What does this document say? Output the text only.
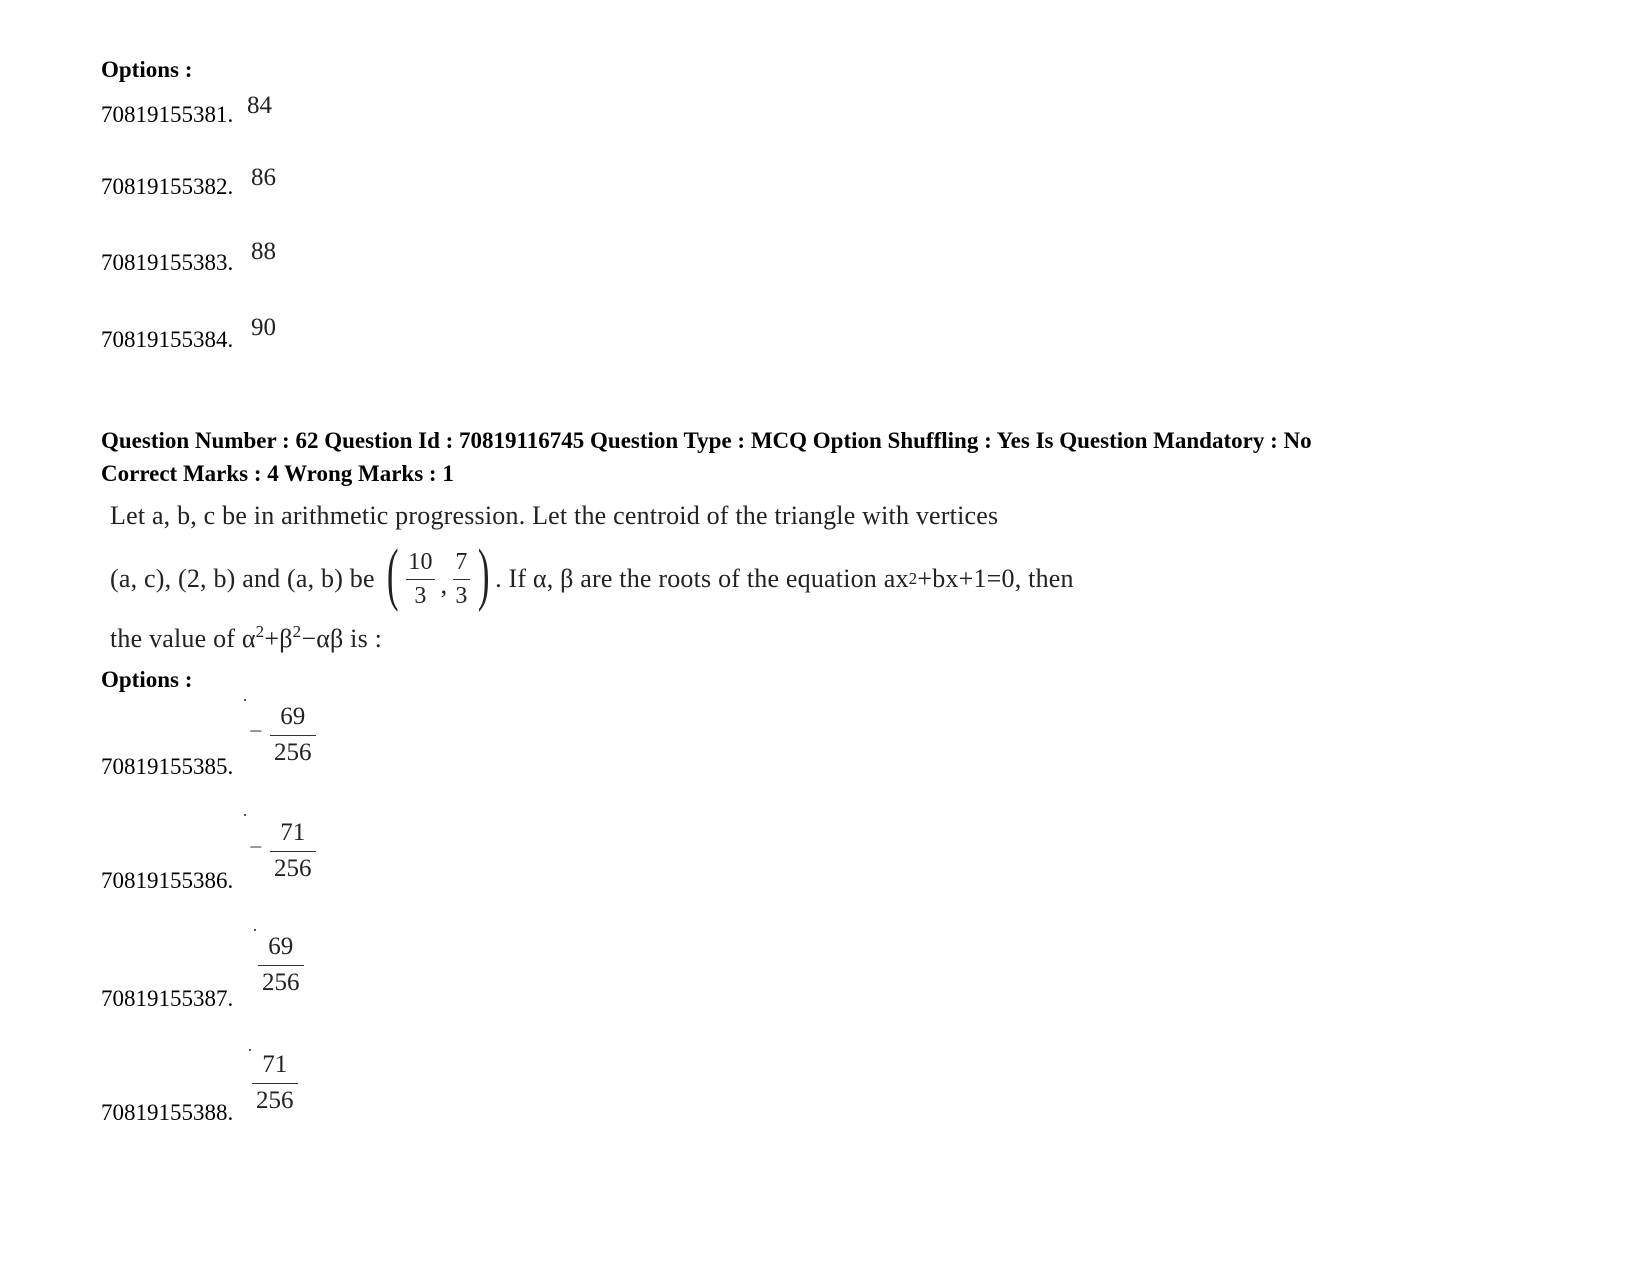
Options :
70819155381. 84
70819155382. 86
70819155383. 88
70819155384. 90
Question Number : 62 Question Id : 70819116745 Question Type : MCQ Option Shuffling : Yes Is Question Mandatory : No
Correct Marks : 4 Wrong Marks : 1
Let a, b, c be in arithmetic progression. Let the centroid of the triangle with vertices
(a, c), (2, b) and (a, b) be ( $\frac{10}{3}$ , $\frac{7}{3}$ ) . If α, β are the roots of the equation ax 2 +bx+1=0, then
the value of $\alpha^2+\beta^2-\alpha\beta$ is :
Options :
−
69
256
70819155385.
−
71
256
70819155386.
69
256
70819155387.
71
256
70819155388.
